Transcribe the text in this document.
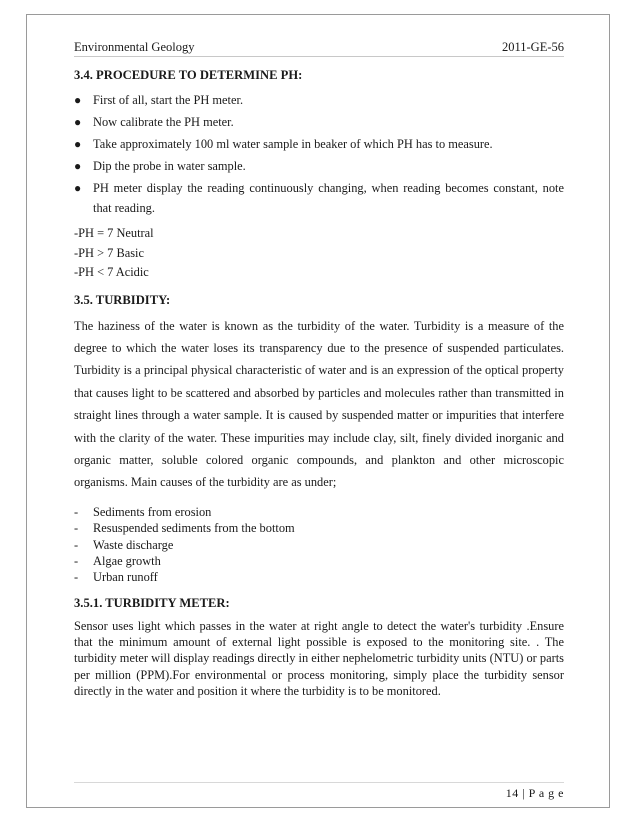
Environmental Geology	2011-GE-56
3.4. PROCEDURE TO DETERMINE PH:
● First of all, start the PH meter.
● Now calibrate the PH meter.
● Take approximately 100 ml water sample in beaker of which PH has to measure.
● Dip the probe in water sample.
● PH meter display the reading continuously changing, when reading becomes constant, note that reading.
-PH = 7 Neutral
-PH > 7 Basic
-PH < 7 Acidic
3.5. TURBIDITY:

The haziness of the water is known as the turbidity of the water. Turbidity is a measure of the degree to which the water loses its transparency due to the presence of suspended particulates. Turbidity is a principal physical characteristic of water and is an expression of the optical property that causes light to be scattered and absorbed by particles and molecules rather than transmitted in straight lines through a water sample. It is caused by suspended matter or impurities that interfere with the clarity of the water. These impurities may include clay, silt, finely divided inorganic and organic matter, soluble colored organic compounds, and plankton and other microscopic organisms. Main causes of the turbidity are as under;

- Sediments from erosion
- Resuspended sediments from the bottom
- Waste discharge
- Algae growth
- Urban runoff
3.5.1. TURBIDITY METER:

Sensor uses light which passes in the water at right angle to detect the water's turbidity .Ensure that the minimum amount of external light possible is exposed to the monitoring site. . The turbidity meter will display readings directly in either nephelometric turbidity units (NTU) or parts per million (PPM).For environmental or process monitoring, simply place the turbidity sensor directly in the water and position it where the turbidity is to be monitored.

14 | P a g e
